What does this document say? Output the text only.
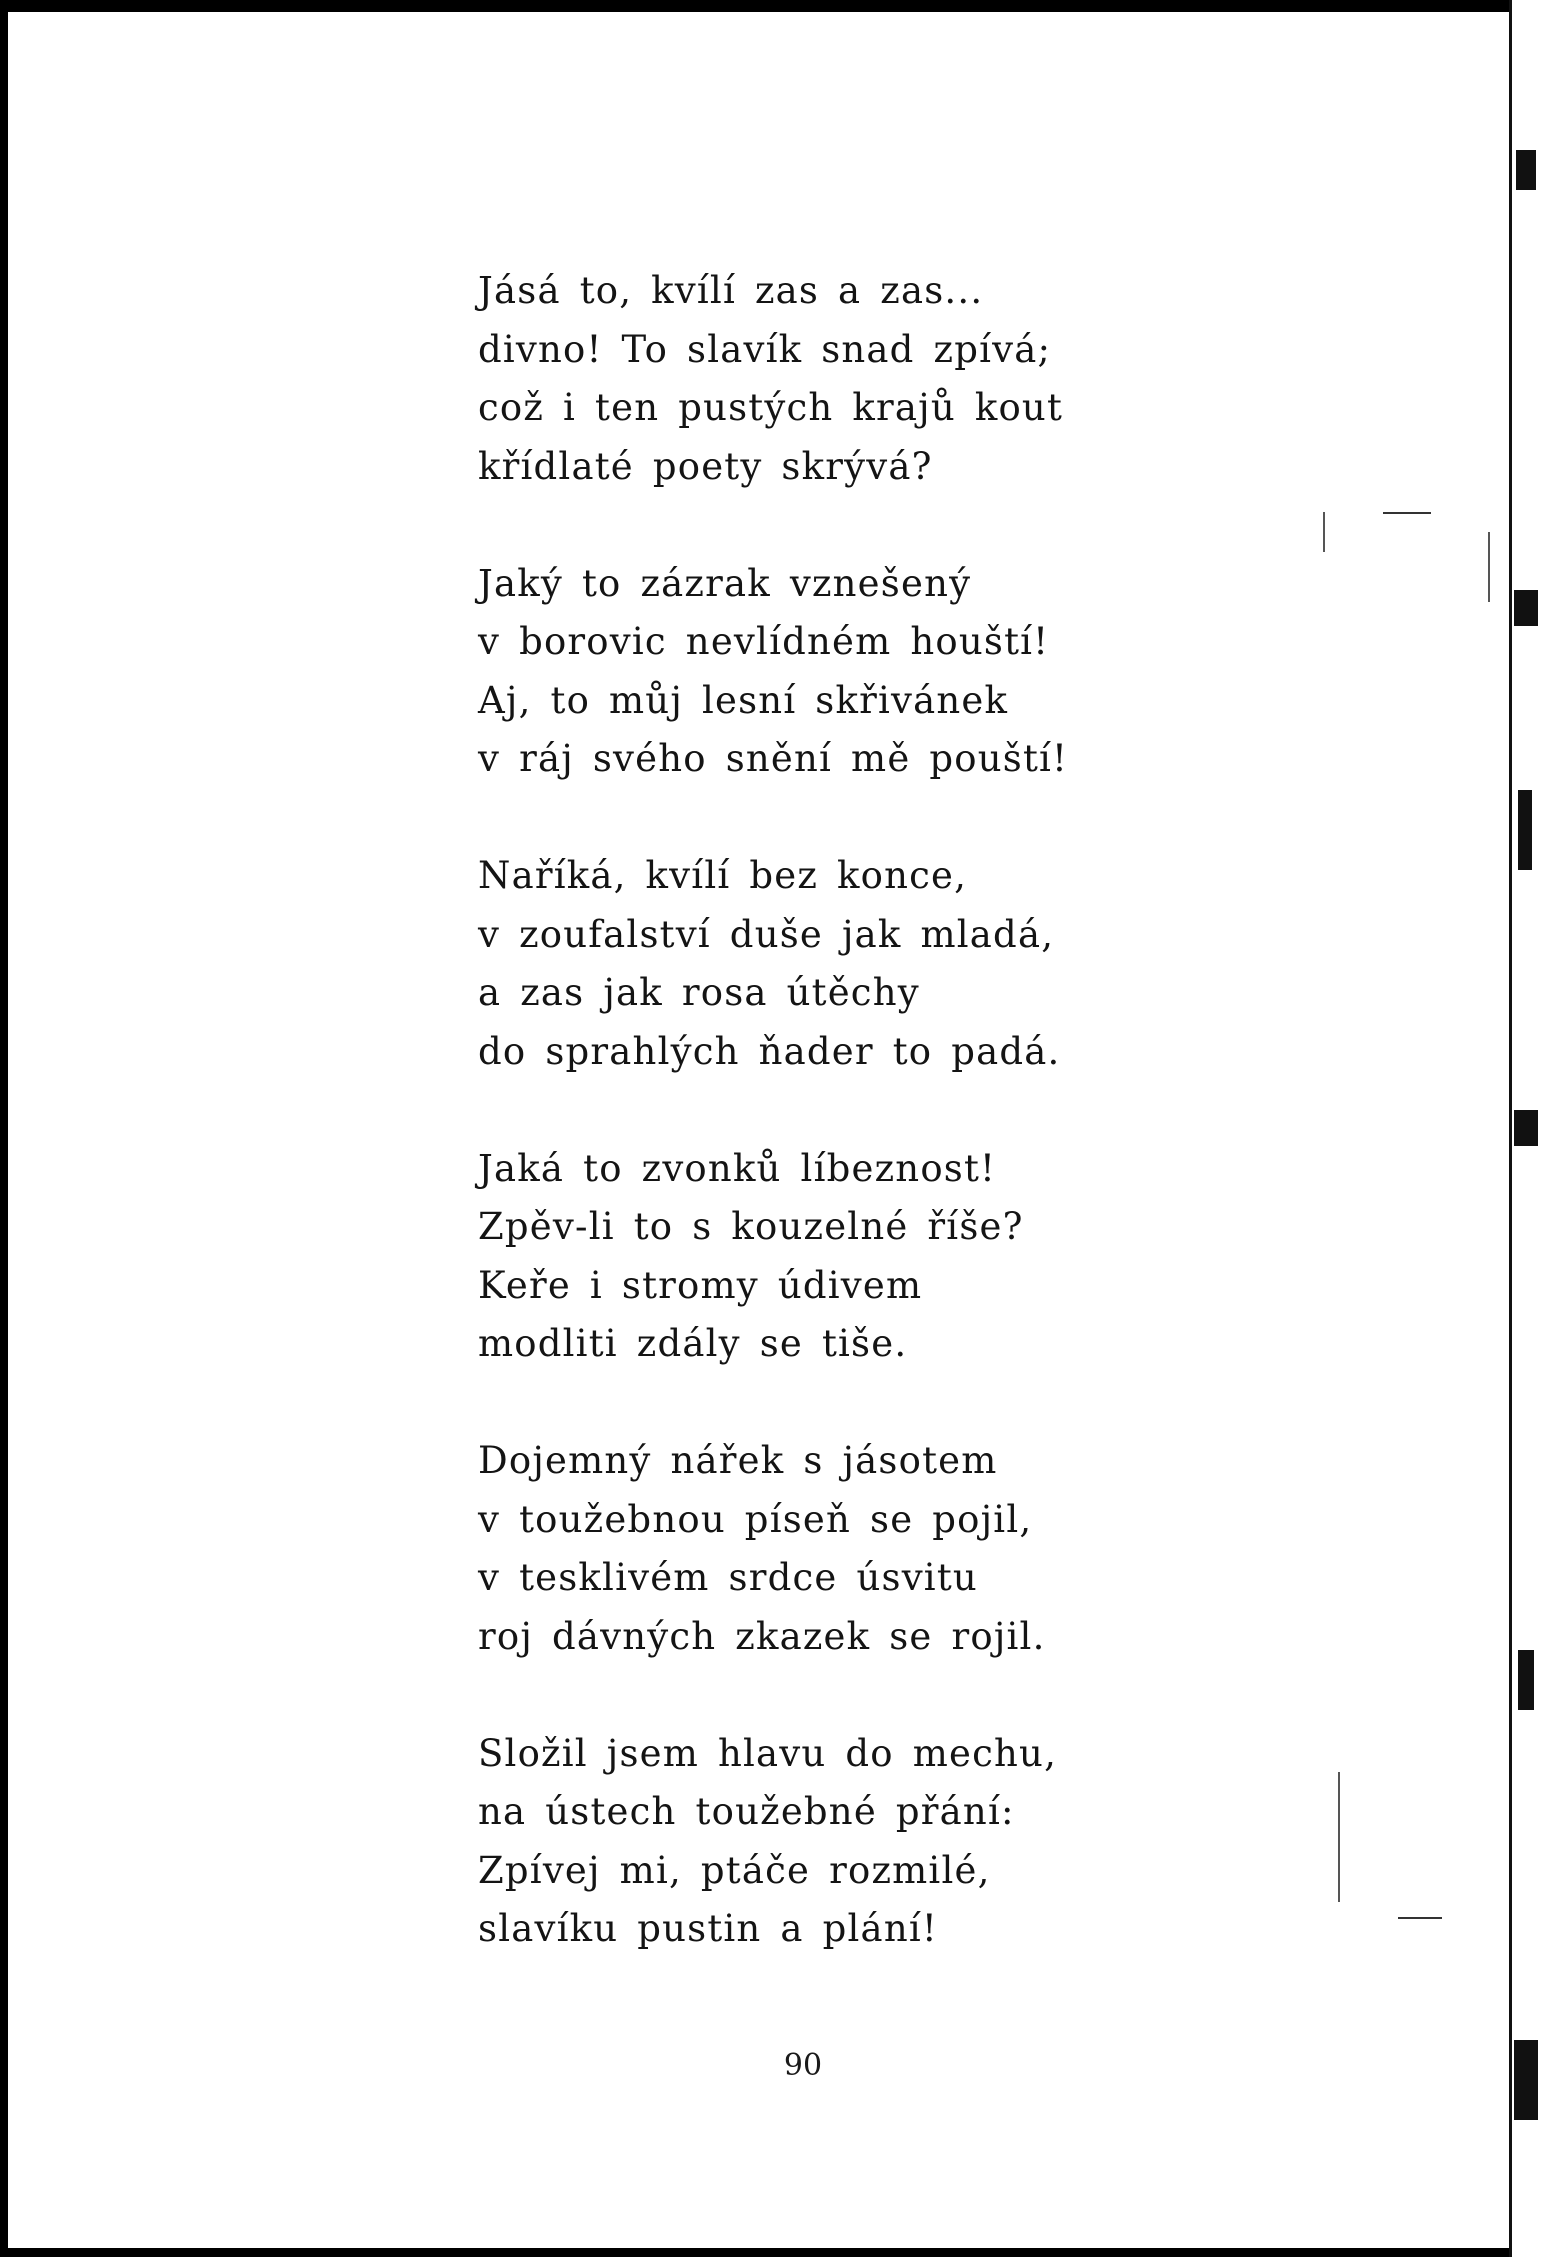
Jásá to, kvílí zas a zas...
divno! To slavík snad zpívá;
což i ten pustých krajů kout
křídlaté poety skrývá?
Jaký to zázrak vznešený
v borovic nevlídném houští!
Aj, to můj lesní skřivánek
v ráj svého snění mě pouští!
Naříká, kvílí bez konce,
v zoufalství duše jak mladá,
a zas jak rosa útěchy
do sprahlých ňader to padá.
Jaká to zvonků líbeznost!
Zpěv-li to s kouzelné říše?
Keře i stromy údivem
modliti zdály se tiše.
Dojemný nářek s jásotem
v toužebnou píseň se pojil,
v tesklivém srdce úsvitu
roj dávných zkazek se rojil.
Složil jsem hlavu do mechu,
na ústech toužebné přání:
Zpívej mi, ptáče rozmilé,
slavíku pustin a plání!
90
